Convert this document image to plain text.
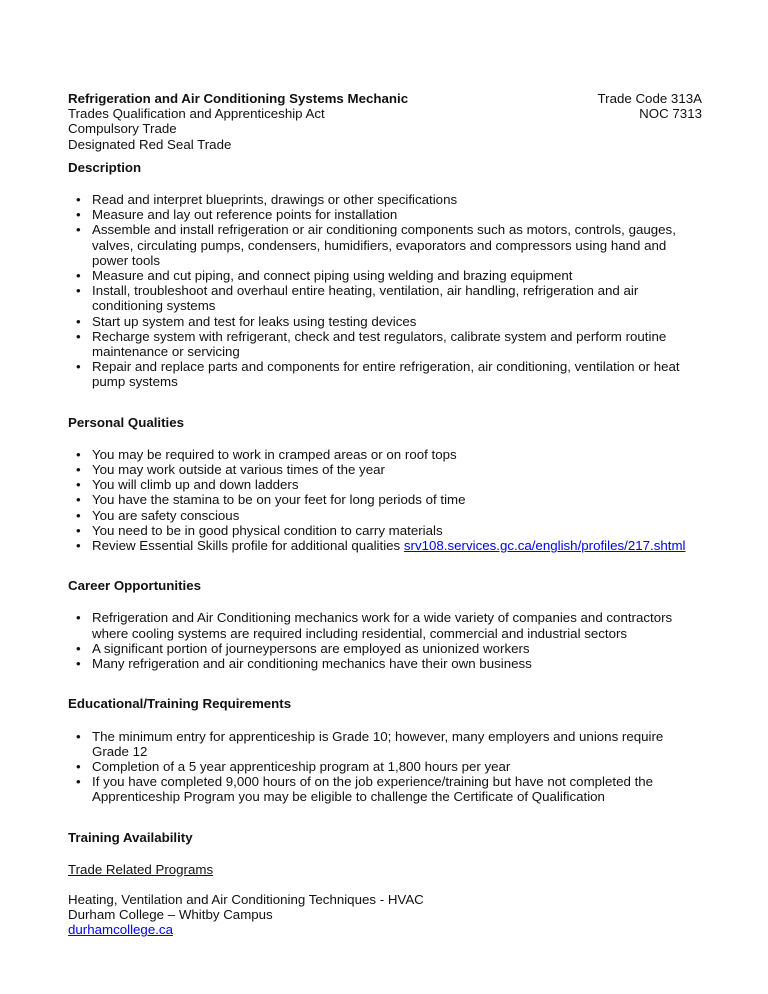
Refrigeration and Air Conditioning Systems Mechanic
Trades Qualification and Apprenticeship Act
Compulsory Trade
Designated Red Seal Trade
Trade Code 313A
NOC 7313
Description
• Read and interpret blueprints, drawings or other specifications
• Measure and lay out reference points for installation
• Assemble and install refrigeration or air conditioning components such as motors, controls, gauges, valves, circulating pumps, condensers, humidifiers, evaporators and compressors using hand and power tools
• Measure and cut piping, and connect piping using welding and brazing equipment
• Install, troubleshoot and overhaul entire heating, ventilation, air handling, refrigeration and air conditioning systems
• Start up system and test for leaks using testing devices
• Recharge system with refrigerant, check and test regulators, calibrate system and perform routine maintenance or servicing
• Repair and replace parts and components for entire refrigeration, air conditioning, ventilation or heat pump systems
Personal Qualities
• You may be required to work in cramped areas or on roof tops
• You may work outside at various times of the year
• You will climb up and down ladders
• You have the stamina to be on your feet for long periods of time
• You are safety conscious
• You need to be in good physical condition to carry materials
• Review Essential Skills profile for additional qualities srv108.services.gc.ca/english/profiles/217.shtml
Career Opportunities
• Refrigeration and Air Conditioning mechanics work for a wide variety of companies and contractors where cooling systems are required including residential, commercial and industrial sectors
• A significant portion of journeypersons are employed as unionized workers
• Many refrigeration and air conditioning mechanics have their own business
Educational/Training Requirements
• The minimum entry for apprenticeship is Grade 10; however, many employers and unions require Grade 12
• Completion of a 5 year apprenticeship program at 1,800 hours per year
• If you have completed 9,000 hours of on the job experience/training but have not completed the Apprenticeship Program you may be eligible to challenge the Certificate of Qualification
Training Availability
Trade Related Programs
Heating, Ventilation and Air Conditioning Techniques - HVAC
Durham College – Whitby Campus
durhamcollege.ca
